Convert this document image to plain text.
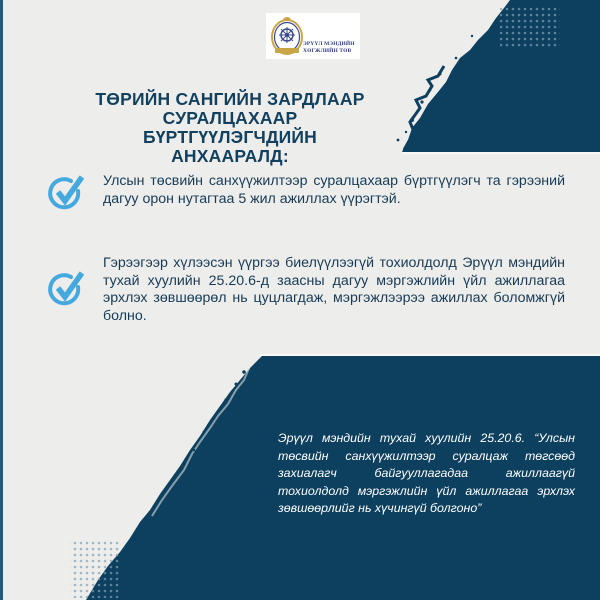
ЭРҮҮЛ МЭНДИЙН
ХӨГЖЛИЙН ТӨВ
ТӨРИЙН САНГИЙН ЗАРДЛААР
СУРАЛЦАХААР БҮРТГҮҮЛЭГЧДИЙН
АНХААРАЛД:
Улсын төсвийн санхүүжилтээр суралцахаар бүртгүүлэгч та гэрээний дагуу орон нутагтаа 5 жил ажиллах үүрэгтэй.
Гэрээгээр хүлээсэн үүргээ биелүүлээгүй тохиолдолд Эрүүл мэндийн тухай хуулийн 25.20.6-д заасны дагуу мэргэжлийн үйл ажиллагаа эрхлэх зөвшөөрөл нь цуцлагдаж, мэргэжлээрээ ажиллах боломжгүй болно.
Эрүүл мэндийн тухай хуулийн 25.20.6. “Улсын төсвийн санхүүжилтээр суралцаж төгсөөд захиалагч байгууллагадаа ажиллаагүй тохиолдолд мэргэжлийн үйл ажиллагаа эрхлэх зөвшөөрлийг нь хүчингүй болгоно”
